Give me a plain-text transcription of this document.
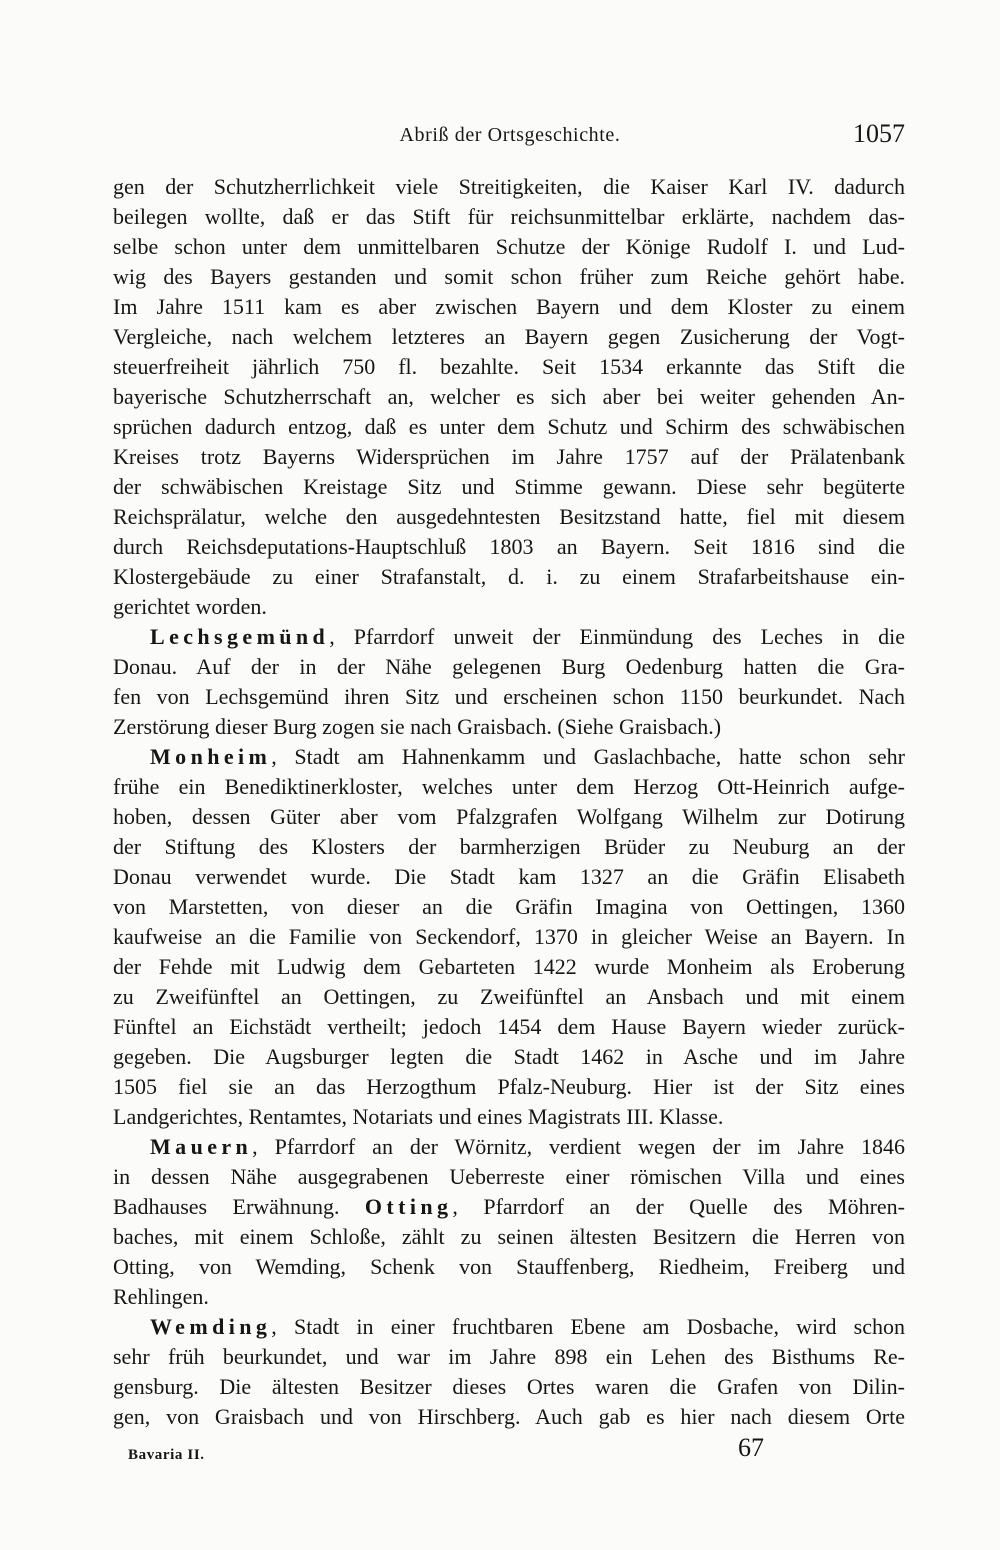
Abriß der Ortsgeschichte.	1057
gen der Schutzherrlichkeit viele Streitigkeiten, die Kaiser Karl IV. dadurch
beilegen wollte, daß er das Stift für reichsunmittelbar erklärte, nachdem das-
selbe schon unter dem unmittelbaren Schutze der Könige Rudolf I. und Lud-
wig des Bayers gestanden und somit schon früher zum Reiche gehört habe.
Im Jahre 1511 kam es aber zwischen Bayern und dem Kloster zu einem
Vergleiche, nach welchem letzteres an Bayern gegen Zusicherung der Vogt-
steuerfreiheit jährlich 750 fl. bezahlte. Seit 1534 erkannte das Stift die
bayerische Schutzherrschaft an, welcher es sich aber bei weiter gehenden An-
sprüchen dadurch entzog, daß es unter dem Schutz und Schirm des schwäbischen
Kreises trotz Bayerns Widersprüchen im Jahre 1757 auf der Prälatenbank
der schwäbischen Kreistage Sitz und Stimme gewann. Diese sehr begüterte
Reichsprälatur, welche den ausgedehntesten Besitzstand hatte, fiel mit diesem
durch Reichsdeputations-Hauptschluß 1803 an Bayern. Seit 1816 sind die
Klostergebäude zu einer Strafanstalt, d. i. zu einem Strafarbeitshause ein-
gerichtet worden.
Lechsgemünd, Pfarrdorf unweit der Einmündung des Leches in die
Donau. Auf der in der Nähe gelegenen Burg Oedenburg hatten die Gra-
fen von Lechsgemünd ihren Sitz und erscheinen schon 1150 beurkundet. Nach
Zerstörung dieser Burg zogen sie nach Graisbach. (Siehe Graisbach.)
Monheim, Stadt am Hahnenkamm und Gaslachbache, hatte schon sehr
frühe ein Benediktinerkloster, welches unter dem Herzog Ott-Heinrich aufge-
hoben, dessen Güter aber vom Pfalzgrafen Wolfgang Wilhelm zur Dotirung
der Stiftung des Klosters der barmherzigen Brüder zu Neuburg an der
Donau verwendet wurde. Die Stadt kam 1327 an die Gräfin Elisabeth
von Marstetten, von dieser an die Gräfin Imagina von Oettingen, 1360
kaufweise an die Familie von Seckendorf, 1370 in gleicher Weise an Bayern. In
der Fehde mit Ludwig dem Gebarteten 1422 wurde Monheim als Eroberung
zu Zweifünftel an Oettingen, zu Zweifünftel an Ansbach und mit einem
Fünftel an Eichstädt vertheilt; jedoch 1454 dem Hause Bayern wieder zurück-
gegeben. Die Augsburger legten die Stadt 1462 in Asche und im Jahre
1505 fiel sie an das Herzogthum Pfalz-Neuburg. Hier ist der Sitz eines
Landgerichtes, Rentamtes, Notariats und eines Magistrats III. Klasse.
Mauern, Pfarrdorf an der Wörnitz, verdient wegen der im Jahre 1846
in dessen Nähe ausgegrabenen Ueberreste einer römischen Villa und eines
Badhauses Erwähnung. Otting, Pfarrdorf an der Quelle des Möhren-
baches, mit einem Schloße, zählt zu seinen ältesten Besitzern die Herren von
Otting, von Wemding, Schenk von Stauffenberg, Riedheim, Freiberg und
Rehlingen.
Wemding, Stadt in einer fruchtbaren Ebene am Dosbache, wird schon
sehr früh beurkundet, und war im Jahre 898 ein Lehen des Bisthums Re-
gensburg. Die ältesten Besitzer dieses Ortes waren die Grafen von Dilin-
gen, von Graisbach und von Hirschberg. Auch gab es hier nach diesem Orte
Bavaria II.	67
